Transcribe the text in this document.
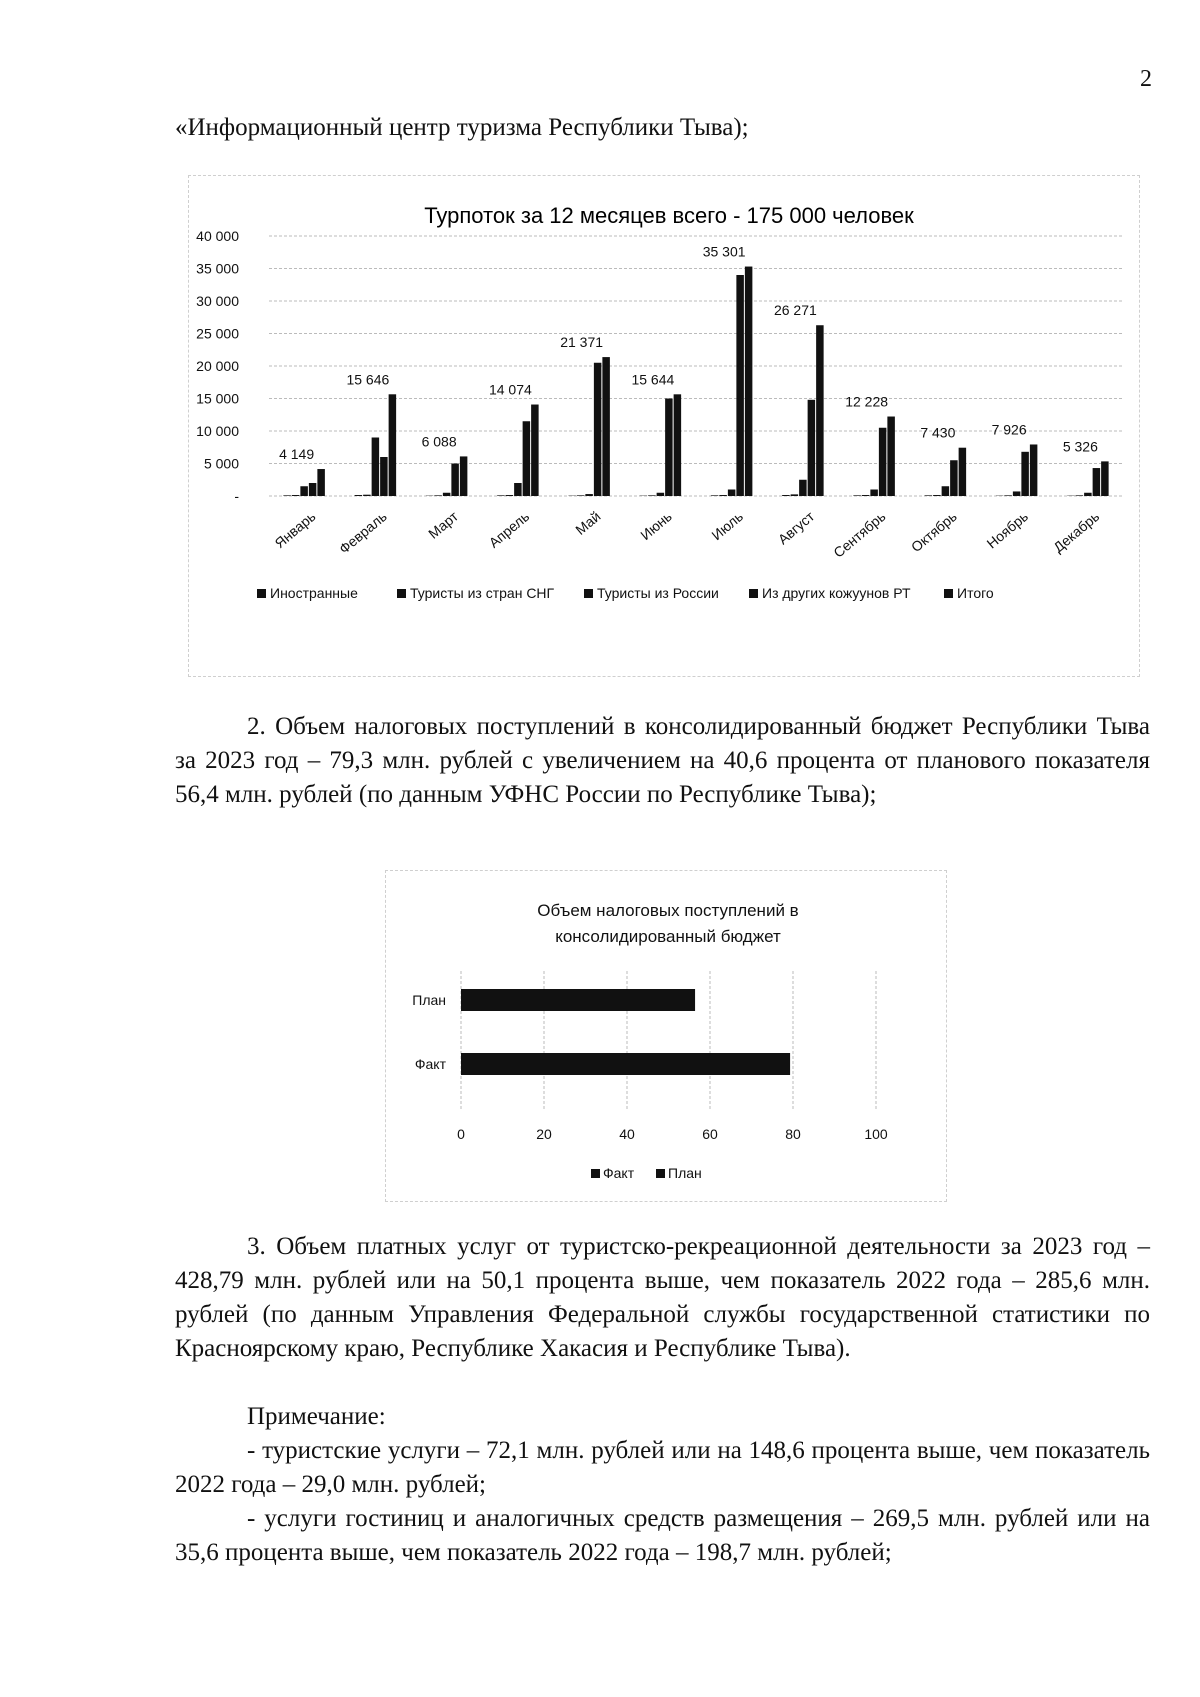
2
«Информационный центр туризма Республики Тыва);
Турпоток за 12 месяцев всего - 175 000 человек
-
5 000
10 000
15 000
20 000
25 000
30 000
35 000
40 000
4 149
Январь
15 646
Февраль
6 088
Март
14 074
Апрель
21 371
Май
15 644
Июнь
35 301
Июль
26 271
Август
12 228
Сентябрь
7 430
Октябрь
7 926
Ноябрь
5 326
Декабрь
Иностранные	Туристы из стран СНГ	Туристы из России	Из других кожуунов РТ	Итого
2. Объем налоговых поступлений в консолидированный бюджет Республики Тыва за 2023 год – 79,3 млн. рублей с увеличением на 40,6 процента от планового показателя 56,4 млн. рублей (по данным УФНС России по Республике Тыва);
Объем налоговых поступлений в
консолидированный бюджет
0	20	40	60	80	100
План
Факт
Факт План
3. Объем платных услуг от туристско-рекреационной деятельности за 2023 год – 428,79 млн. рублей или на 50,1 процента выше, чем показатель 2022 года – 285,6 млн. рублей (по данным Управления Федеральной службы государственной статистики по Красноярскому краю, Республике Хакасия и Республике Тыва).
Примечание:
- туристские услуги – 72,1 млн. рублей или на 148,6 процента выше, чем показатель 2022 года – 29,0 млн. рублей;
- услуги гостиниц и аналогичных средств размещения – 269,5 млн. рублей или на 35,6 процента выше, чем показатель 2022 года – 198,7 млн. рублей;
